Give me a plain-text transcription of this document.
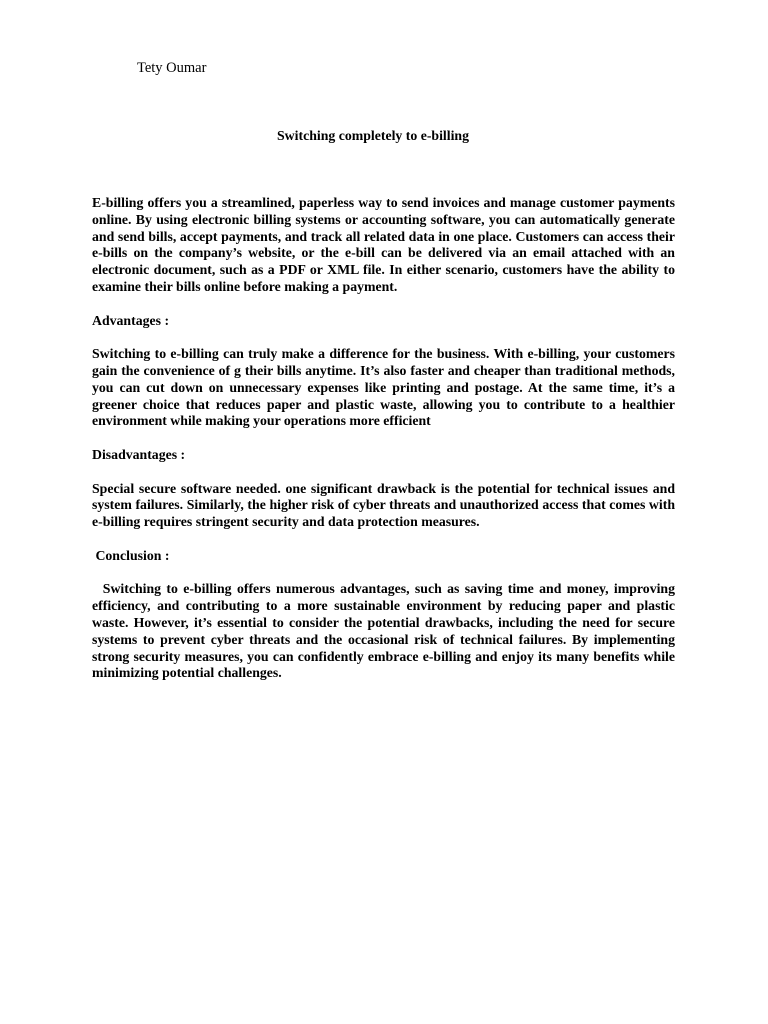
Tety Oumar
Switching completely to e-billing

E-billing offers you a streamlined, paperless way to send invoices and manage customer payments online. By using electronic billing systems or accounting software, you can automatically generate and send bills, accept payments, and track all related data in one place. Customers can access their e-bills on the company’s website, or the e-bill can be delivered via an email attached with an electronic document, such as a PDF or XML file. In either scenario, customers have the ability to examine their bills online before making a payment.

Advantages :

Switching to e-billing can truly make a difference for the business. With e-billing, your customers gain the convenience of g their bills anytime. It’s also faster and cheaper than traditional methods, you can cut down on unnecessary expenses like printing and postage. At the same time, it’s a greener choice that reduces paper and plastic waste, allowing you to contribute to a healthier environment while making your operations more efficient

Disadvantages :

Special secure software needed. one significant drawback is the potential for technical issues and system failures. Similarly, the higher risk of cyber threats and unauthorized access that comes with e-billing requires stringent security and data protection measures.

Conclusion :

Switching to e-billing offers numerous advantages, such as saving time and money, improving efficiency, and contributing to a more sustainable environment by reducing paper and plastic waste. However, it’s essential to consider the potential drawbacks, including the need for secure systems to prevent cyber threats and the occasional risk of technical failures. By implementing strong security measures, you can confidently embrace e-billing and enjoy its many benefits while minimizing potential challenges.
